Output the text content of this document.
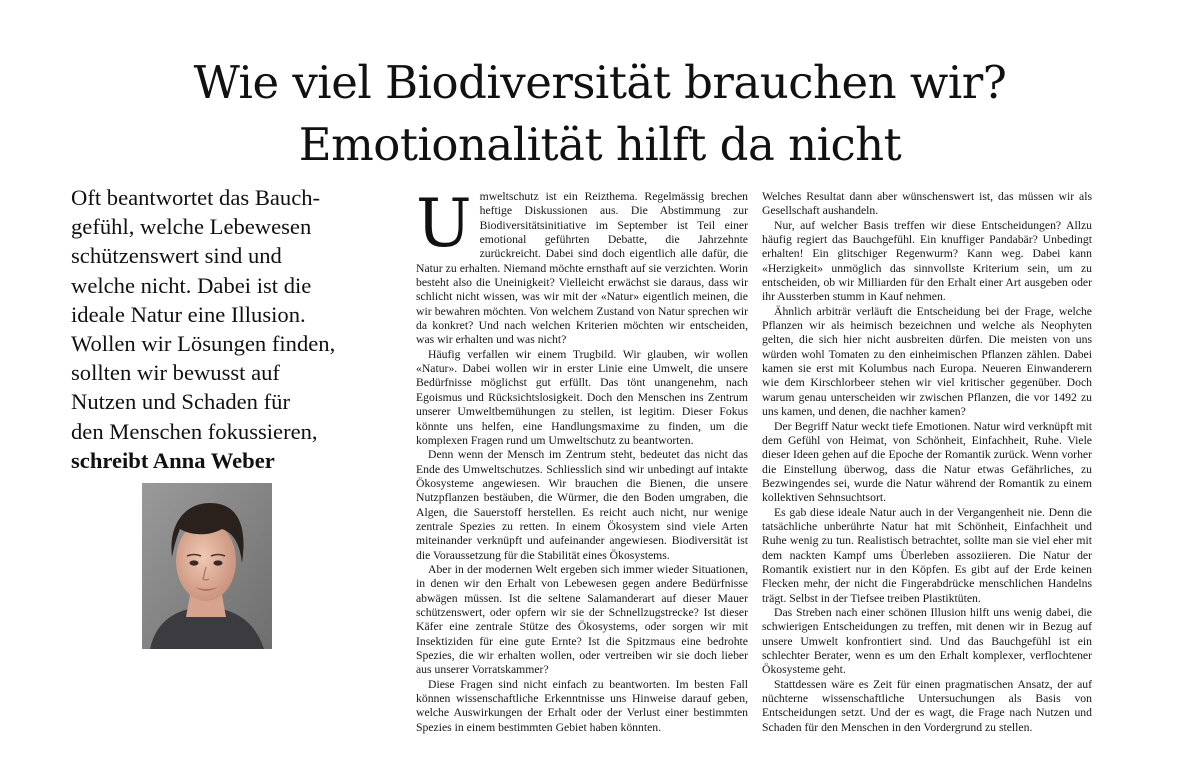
Wie viel Biodiversität brauchen wir?
Emotionalität hilft da nicht
Oft beantwortet das Bauch-
gefühl, welche Lebewesen
schützenswert sind und
welche nicht. Dabei ist die
ideale Natur eine Illusion.
Wollen wir Lösungen finden,
sollten wir bewusst auf
Nutzen und Schaden für
den Menschen fokussieren,
schreibt Anna Weber

Umweltschutz ist ein Reizthema. Regelmässig brechen heftige Diskussionen aus. Die Abstimmung zur Biodiversitätsinitiative im September ist Teil einer emotional geführten Debatte, die Jahrzehnte zurückreicht. Dabei sind doch eigentlich alle dafür, die Natur zu erhalten. Niemand möchte ernsthaft auf sie verzichten. Worin besteht also die Uneinigkeit? Vielleicht erwächst sie daraus, dass wir schlicht nicht wissen, was wir mit der «Natur» eigentlich meinen, die wir bewahren möchten. Von welchem Zustand von Natur sprechen wir da konkret? Und nach welchen Kriterien möchten wir entscheiden, was wir erhalten und was nicht?

Häufig verfallen wir einem Trugbild. Wir glauben, wir wollen «Natur». Dabei wollen wir in erster Linie eine Umwelt, die unsere Bedürfnisse möglichst gut erfüllt. Das tönt unangenehm, nach Egoismus und Rücksichtslosigkeit. Doch den Menschen ins Zentrum unserer Umweltbemühungen zu stellen, ist legitim. Dieser Fokus könnte uns helfen, eine Handlungsmaxime zu finden, um die komplexen Fragen rund um Umweltschutz zu beantworten.

Denn wenn der Mensch im Zentrum steht, bedeutet das nicht das Ende des Umweltschutzes. Schliesslich sind wir unbedingt auf intakte Ökosysteme angewiesen. Wir brauchen die Bienen, die unsere Nutzpflanzen bestäuben, die Würmer, die den Boden umgraben, die Algen, die Sauerstoff herstellen. Es reicht auch nicht, nur wenige zentrale Spezies zu retten. In einem Ökosystem sind viele Arten miteinander verknüpft und aufeinander angewiesen. Biodiversität ist die Voraussetzung für die Stabilität eines Ökosystems.

Aber in der modernen Welt ergeben sich immer wieder Situationen, in denen wir den Erhalt von Lebewesen gegen andere Bedürfnisse abwägen müssen. Ist die seltene Salamanderart auf dieser Mauer schützenswert, oder opfern wir sie der Schnellzugstrecke? Ist dieser Käfer eine zentrale Stütze des Ökosystems, oder sorgen wir mit Insektiziden für eine gute Ernte? Ist die Spitzmaus eine bedrohte Spezies, die wir erhalten wollen, oder vertreiben wir sie doch lieber aus unserer Vorratskammer?

Diese Fragen sind nicht einfach zu beantworten. Im besten Fall können wissenschaftliche Erkenntnisse uns Hinweise darauf geben, welche Auswirkungen der Erhalt oder der Verlust einer bestimmten Spezies in einem bestimmten Gebiet haben könnten.

Welches Resultat dann aber wünschenswert ist, das müssen wir als Gesellschaft aushandeln.

Nur, auf welcher Basis treffen wir diese Entscheidungen? Allzu häufig regiert das Bauchgefühl. Ein knuffiger Pandabär? Unbedingt erhalten! Ein glitschiger Regenwurm? Kann weg. Dabei kann «Herzigkeit» unmöglich das sinnvollste Kriterium sein, um zu entscheiden, ob wir Milliarden für den Erhalt einer Art ausgeben oder ihr Aussterben stumm in Kauf nehmen.

Ähnlich arbiträr verläuft die Entscheidung bei der Frage, welche Pflanzen wir als heimisch bezeichnen und welche als Neophyten gelten, die sich hier nicht ausbreiten dürfen. Die meisten von uns würden wohl Tomaten zu den einheimischen Pflanzen zählen. Dabei kamen sie erst mit Kolumbus nach Europa. Neueren Einwanderern wie dem Kirschlorbeer stehen wir viel kritischer gegenüber. Doch warum genau unterscheiden wir zwischen Pflanzen, die vor 1492 zu uns kamen, und denen, die nachher kamen?

Der Begriff Natur weckt tiefe Emotionen. Natur wird verknüpft mit dem Gefühl von Heimat, von Schönheit, Einfachheit, Ruhe. Viele dieser Ideen gehen auf die Epoche der Romantik zurück. Wenn vorher die Einstellung überwog, dass die Natur etwas Gefährliches, zu Bezwingendes sei, wurde die Natur während der Romantik zu einem kollektiven Sehnsuchtsort.

Es gab diese ideale Natur auch in der Vergangenheit nie. Denn die tatsächliche unberührte Natur hat mit Schönheit, Einfachheit und Ruhe wenig zu tun. Realistisch betrachtet, sollte man sie viel eher mit dem nackten Kampf ums Überleben assoziieren. Die Natur der Romantik existiert nur in den Köpfen. Es gibt auf der Erde keinen Flecken mehr, der nicht die Fingerabdrücke menschlichen Handelns trägt. Selbst in der Tiefsee treiben Plastiktüten.

Das Streben nach einer schönen Illusion hilft uns wenig dabei, die schwierigen Entscheidungen zu treffen, mit denen wir in Bezug auf unsere Umwelt konfrontiert sind. Und das Bauchgefühl ist ein schlechter Berater, wenn es um den Erhalt komplexer, verflochtener Ökosysteme geht.

Stattdessen wäre es Zeit für einen pragmatischen Ansatz, der auf nüchterne wissenschaftliche Untersuchungen als Basis von Entscheidungen setzt. Und der es wagt, die Frage nach Nutzen und Schaden für den Menschen in den Vordergrund zu stellen.
